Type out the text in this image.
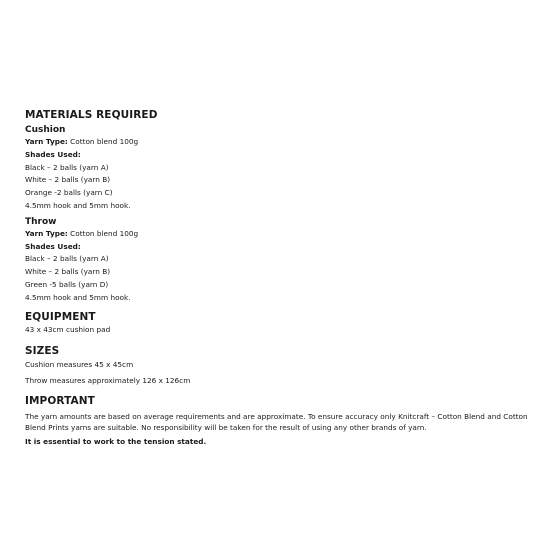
MATERIALS REQUIRED
Cushion
Yarn Type: Cotton blend 100g
Shades Used:
Black – 2 balls (yarn A)
White – 2 balls (yarn B)
Orange -2 balls (yarn C)
4.5mm hook and 5mm hook.
Throw
Yarn Type: Cotton blend 100g
Shades Used:
Black – 2 balls (yarn A)
White – 2 balls (yarn B)
Green -5 balls (yarn D)
4.5mm hook and 5mm hook.
EQUIPMENT
43 x 43cm cushion pad
SIZES
Cushion measures 45 x 45cm
Throw measures approximately 126 x 126cm
IMPORTANT
The yarn amounts are based on average requirements and are approximate. To ensure accuracy only Knitcraft – Cotton Blend and Cotton Blend Prints yarns are suitable. No responsibility will be taken for the result of using any other brands of yarn.
It is essential to work to the tension stated.
